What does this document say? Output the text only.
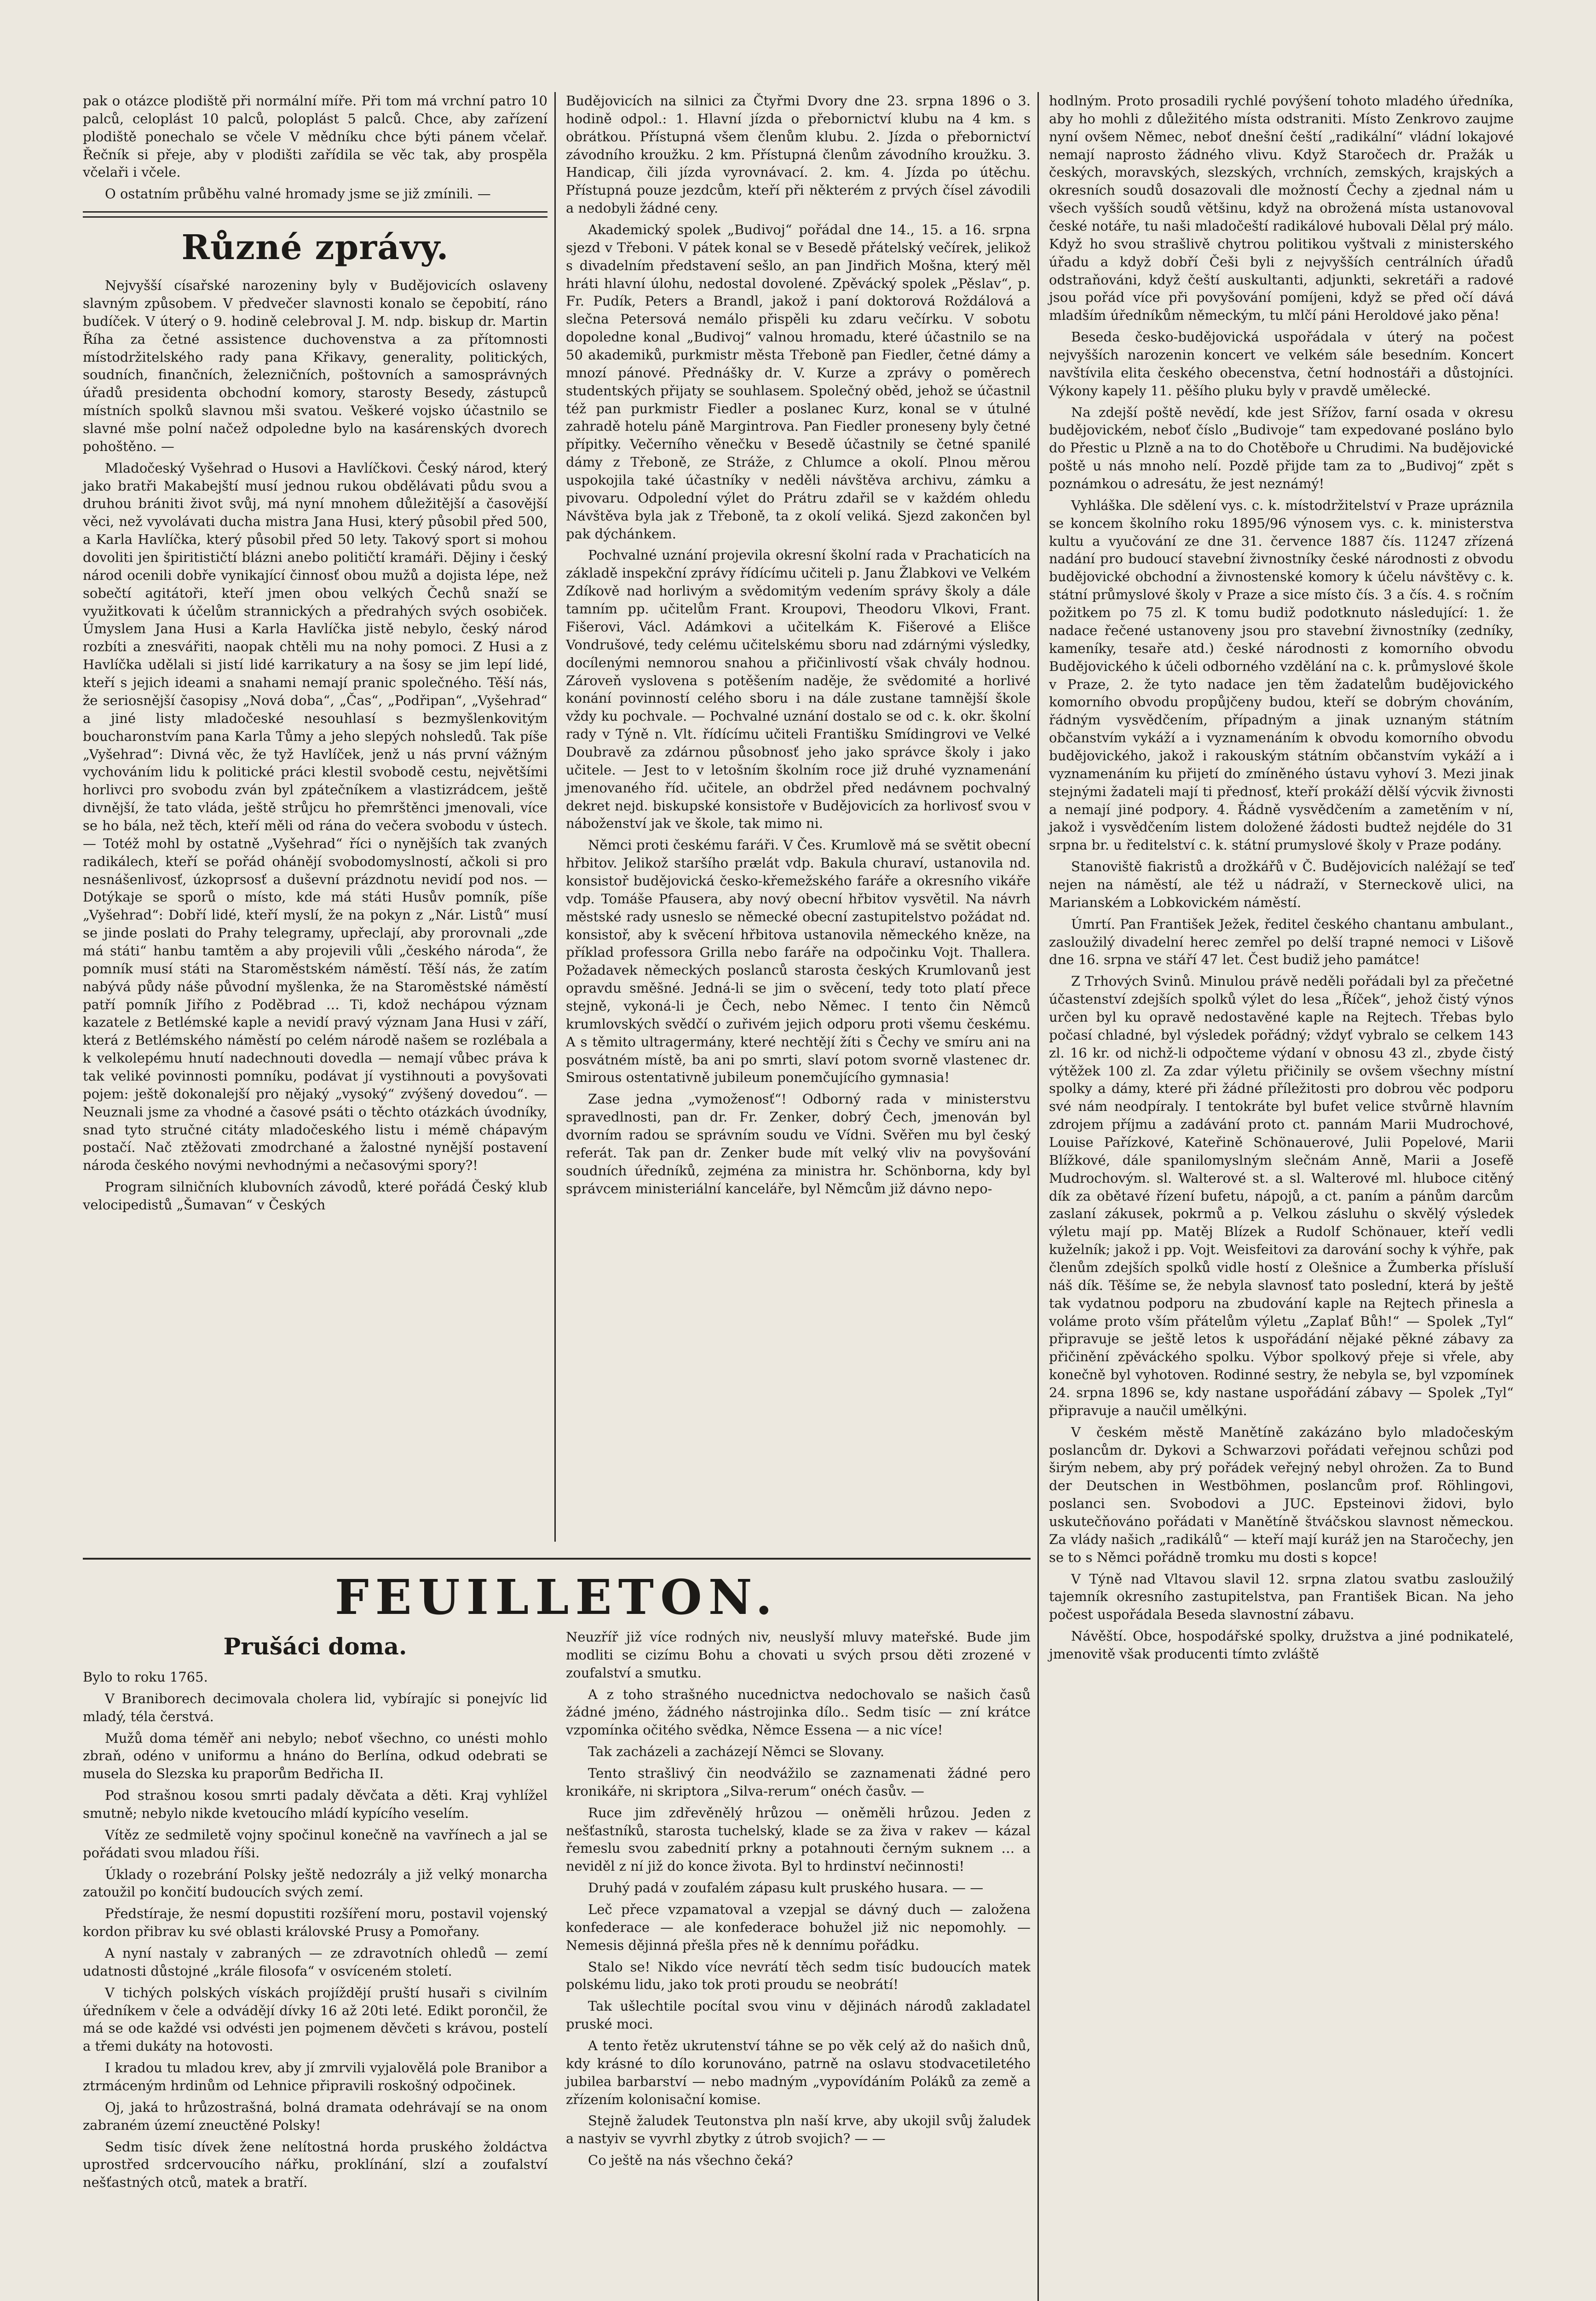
pak o otázce plodiště při normální míře. Při tom má vrchní patro 10 palců, celoplást 10 palců, poloplást 5 palců. Chce, aby zařízení plodiště ponechalo se včele V mědníku chce býti pánem včelař. Řečník si přeje, aby v plodišti zařídila se věc tak, aby prospěla včelaři i včele.

O ostatním průběhu valné hromady jsme se již zmínili. —

Různé zprávy.

Nejvyšší císařské narozeniny byly v Budějovicích oslaveny slavným způsobem. V předvečer slavnosti konalo se čepobití, ráno budíček. V úterý o 9. hodině celebroval J. M. ndp. biskup dr. Martin Říha za četné assistence duchovenstva a za přítomnosti místodržitelského rady pana Křikavy, generality, politických, soudních, finančních, železničních, poštovních a samosprávných úřadů presidenta obchodní komory, starosty Besedy, zástupců místních spolků slavnou mši svatou. Veškeré vojsko účastnilo se slavné mše polní načež odpoledne bylo na kasárenských dvorech pohoštěno. —

Mladočeský Vyšehrad o Husovi a Havlíčkovi. Český národ, který jako bratři Makabejští musí jednou rukou obdělávati půdu svou a druhou brániti život svůj, má nyní mnohem důležitější a časovější věci, než vyvolávati ducha mistra Jana Husi, který působil před 500, a Karla Havlíčka, který působil před 50 lety. Takový sport si mohou dovoliti jen špiritističtí blázni anebo političtí kramáři. Dějiny i český národ ocenili dobře vynikající činnosť obou mužů a dojista lépe, než sobečtí agitátoři, kteří jmen obou velkých Čechů snaží se využitkovati k účelům strannických a předrahých svých osobiček. Úmyslem Jana Husi a Karla Havlíčka jistě nebylo, český národ rozbíti a znesvářiti, naopak chtěli mu na nohy pomoci. Z Husi a z Havlíčka udělali si jistí lidé karrikatury a na šosy se jim lepí lidé, kteří s jejich ideami a snahami nemají pranic společného. Těší nás, že seriosnější časopisy „Nová doba“, „Čas“, „Podřipan“, „Vyšehrad“ a jiné listy mladočeské nesouhlasí s bezmyšlenkovitým boucharonstvím pana Karla Tůmy a jeho slepých nohsledů. Tak píše „Vyšehrad“: Divná věc, že tyž Havlíček, jenž u nás první vážným vychováním lidu k politické práci klestil svobodě cestu, největšími horlivci pro svobodu zván byl zpátečníkem a vlastizrádcem, ještě divnější, že tato vláda, ještě strůjcu ho přemrštěnci jmenovali, více se ho bála, než těch, kteří měli od rána do večera svobodu v ústech. — Totéž mohl by ostatně „Vyšehrad“ říci o nynějších tak zvaných radikálech, kteří se pořád ohánějí svobodomyslností, ačkoli si pro nesnášenlivosť, úzkoprsosť a duševní prázdnotu nevidí pod nos. — Dotýkaje se sporů o místo, kde má státi Husův pomník, píše „Vyšehrad“: Dobří lidé, kteří myslí, že na pokyn z „Nár. Listů“ musí se jinde poslati do Prahy telegramy, upřeclají, aby prorovnali „zde má státi“ hanbu tamtěm a aby projevili vůli „českého národa“, že pomník musí státi na Staroměstském náměstí. Těší nás, že zatím nabývá půdy náše původní myšlenka, že na Staroměstské náměstí patří pomník Jiřího z Poděbrad … Ti, kdož nechápou význam kazatele z Betlémské kaple a nevidí pravý význam Jana Husi v září, která z Betlémského náměstí po celém národě našem se rozlébala a k velkolepému hnutí nadechnouti dovedla — nemají vůbec práva k tak veliké povinnosti pomníku, podávat jí vystihnouti a povyšovati pojem: ještě dokonalejší pro nějaký „vysoký“ zvýšený dovedou“. — Neuznali jsme za vhodné a časové psáti o těchto otázkách úvodníky, snad tyto stručné citáty mladočeského listu i mémě chápavým postačí. Nač ztěžovati zmodrchané a žalostné nynější postavení národa českého novými nevhodnými a nečasovými spory?!

Program silničních klubovních závodů, které pořádá Český klub velocipedistů „Šumavan“ v Českých

Budějovicích na silnici za Čtyřmi Dvory dne 23. srpna 1896 o 3. hodině odpol.: 1. Hlavní jízda o přebornictví klubu na 4 km. s obrátkou. Přístupná všem členům klubu. 2. Jízda o přebornictví závodního kroužku. 2 km. Přístupná členům závodního kroužku. 3. Handicap, čili jízda vyrovnávací. 2. km. 4. Jízda po útěchu. Přístupná pouze jezdcům, kteří při některém z prvých čísel závodili a nedobyli žádné ceny.

Akademický spolek „Budivoj“ pořádal dne 14., 15. a 16. srpna sjezd v Třeboni. V pátek konal se v Besedě přátelský večírek, jelikož s divadelním představení sešlo, an pan Jindřich Mošna, který měl hráti hlavní úlohu, nedostal dovolené. Zpěvácký spolek „Pěslav“, p. Fr. Pudík, Peters a Brandl, jakož i paní doktorová Roždálová a slečna Petersová nemálo přispěli ku zdaru večírku. V sobotu dopoledne konal „Budivoj“ valnou hromadu, které účastnilo se na 50 akademiků, purkmistr města Třeboně pan Fiedler, četné dámy a mnozí pánové. Přednášky dr. V. Kurze a zprávy o poměrech studentských přijaty se souhlasem. Společný oběd, jehož se účastnil též pan purkmistr Fiedler a poslanec Kurz, konal se v útulné zahradě hotelu páně Margintrova. Pan Fiedler proneseny byly četné přípitky. Večerního věnečku v Besedě účastnily se četné spanilé dámy z Třeboně, ze Stráže, z Chlumce a okolí. Plnou měrou uspokojila také účastníky v neděli návštěva archivu, zámku a pivovaru. Odpolední výlet do Prátru zdařil se v každém ohledu Návštěva byla jak z Třeboně, ta z okolí veliká. Sjezd zakončen byl pak dýchánkem.

Pochvalné uznání projevila okresní školní rada v Prachaticích na základě inspekční zprávy řídícímu učiteli p. Janu Žlabkovi ve Velkém Zdíkově nad horlivým a svědomitým vedením správy školy a dále tamním pp. učitelům Frant. Kroupovi, Theodoru Vlkovi, Frant. Fišerovi, Václ. Adámkovi a učitelkám K. Fišerové a Elišce Vondrušové, tedy celému učitelskému sboru nad zdárnými výsledky, docílenými nemnorou snahou a přičinlivostí však chvály hodnou. Zároveň vyslovena s potěšením naděje, že svědomité a horlivé konání povinností celého sboru i na dále zustane tamnější škole vždy ku pochvale. — Pochvalné uznání dostalo se od c. k. okr. školní rady v Týně n. Vlt. řídícímu učiteli Františku Smídingrovi ve Velké Doubravě za zdárnou působnosť jeho jako správce školy i jako učitele. — Jest to v letošním školním roce již druhé vyznamenání jmenovaného říd. učitele, an obdržel před nedávnem pochvalný dekret nejd. biskupské konsistoře v Budějovicích za horlivosť svou v náboženství jak ve škole, tak mimo ni.

Němci proti českému faráři. V Čes. Krumlově má se světit obecní hřbitov. Jelikož staršího prælát vdp. Bakula churaví, ustanovila nd. konsistoř budějovická česko-křemežského faráře a okresního vikáře vdp. Tomáše Pfausera, aby nový obecní hřbitov vysvětil. Na návrh městské rady usneslo se německé obecní zastupitelstvo požádat nd. konsistoř, aby k svěcení hřbitova ustanovila německého kněze, na příklad professora Grilla nebo faráře na odpočinku Vojt. Thallera. Požadavek německých poslanců starosta českých Krumlovanů jest opravdu směšné. Jedná-li se jim o svěcení, tedy toto platí přece stejně, vykoná-li je Čech, nebo Němec. I tento čin Němců krumlovských svědčí o zuřivém jejich odporu proti všemu českému. A s těmito ultragermány, které nechtějí žíti s Čechy ve smíru ani na posvátném místě, ba ani po smrti, slaví potom svorně vlastenec dr. Smirous ostentativně jubileum ponemčujícího gymnasia!

Zase jedna „vymoženosť“! Odborný rada v ministerstvu spravedlnosti, pan dr. Fr. Zenker, dobrý Čech, jmenován byl dvorním radou se správním soudu ve Vídni. Svěřen mu byl český referát. Tak pan dr. Zenker bude mít velký vliv na povyšování soudních úředníků, zejména za ministra hr. Schönborna, kdy byl správcem ministeriální kanceláře, byl Němcům již dávno nepo-

FEUILLETON.
Prušáci doma.

Bylo to roku 1765.

V Braniborech decimovala cholera lid, vybírajíc si ponejvíc lid mladý, téla čerstvá.

Mužů doma téměř ani nebylo; neboť všechno, co unésti mohlo zbraň, odéno v uniformu a hnáno do Berlína, odkud odebrati se musela do Slezska ku praporům Bedřicha II.

Pod strašnou kosou smrti padaly děvčata a děti. Kraj vyhlížel smutně; nebylo nikde kvetoucího mládí kypícího veselím.

Vítěz ze sedmiletě vojny spočinul konečně na vavřínech a jal se pořádati svou mladou říši.

Úklady o rozebrání Polsky ještě nedozrály a již velký monarcha zatoužil po končití budoucích svých zemí.

Předstíraje, že nesmí dopustiti rozšíření moru, postavil vojenský kordon přibrav ku své oblasti královské Prusy a Pomořany.

A nyní nastaly v zabraných — ze zdravotních ohledů — zemí udatnosti důstojné „krále filosofa“ v osvíceném století.

V tichých polských vískách projíždějí pruští husaři s civilním úředníkem v čele a odvádějí dívky 16 až 20ti leté. Edikt porončil, že má se ode každé vsi odvésti jen pojmenem děvčeti s krávou, postelí a třemi dukáty na hotovosti.

I kradou tu mladou krev, aby jí zmrvili vyjalovělá pole Branibor a ztrmáceným hrdinům od Lehnice připravili roskošný odpočinek.

Oj, jaká to hrůzostrašná, bolná dramata odehrávají se na onom zabraném území zneuctěné Polsky!

Sedm tisíc dívek žene nelítostná horda pruského žoldáctva uprostřed srdcervoucího nářku, proklínání, slzí a zoufalství nešťastných otců, matek a bratří.

Neuzříř již více rodných niv, neuslyší mluvy mateřské. Bude jim modliti se cizímu Bohu a chovati u svých prsou děti zrozené v zoufalství a smutku.

A z toho strašného nucednictva nedochovalo se našich časů žádné jméno, žádného nástrojinka dílo.. Sedm tisíc — zní krátce vzpomínka očitého svědka, Němce Essena — a nic více!

Tak zacházeli a zacházejí Němci se Slovany.

Tento strašlivý čin neodvážilo se zaznamenati žádné pero kronikáře, ni skriptora „Silva-rerum“ onéch časův. —

Ruce jim zdřevěnělý hrůzou — oněměli hrůzou. Jeden z nešťastníků, starosta tuchelský, klade se za živa v rakev — kázal řemeslu svou zabednití prkny a potahnouti černým suknem … a neviděl z ní již do konce života. Byl to hrdinství nečinnosti!

Druhý padá v zoufalém zápasu kult pruského husara. — —

Leč přece vzpamatoval a vzepjal se dávný duch — založena konfederace — ale konfederace bohužel již nic nepomohly. — Nemesis dějinná přešla přes ně k dennímu pořádku.

Stalo se! Nikdo více nevrátí těch sedm tisíc budoucích matek polskému lidu, jako tok proti proudu se neobrátí!

Tak ušlechtile pocítal svou vinu v dějinách národů zakladatel pruské moci.

A tento řetěz ukrutenství táhne se po věk celý až do našich dnů, kdy krásné to dílo korunováno, patrně na oslavu stodvacetiletého jubilea barbarství — nebo madným „vypovídáním Poláků za země a zřízením kolonisační komise.

Stejně žaludek Teutonstva pln naší krve, aby ukojil svůj žaludek a nastyiv se vyvrhl zbytky z útrob svojich? — —

Co ještě na nás všechno čeká?

hodlným. Proto prosadili rychlé povýšení tohoto mladého úředníka, aby ho mohli z důležitého místa odstraniti. Místo Zenkrovo zaujme nyní ovšem Němec, neboť dnešní čeští „radikální“ vládní lokajové nemají naprosto žádného vlivu. Když Staročech dr. Pražák u českých, moravských, slezských, vrchních, zemských, krajských a okresních soudů dosazovali dle možností Čechy a zjednal nám u všech vyšších soudů většinu, když na obrožená místa ustanovoval české notáře, tu naši mladočeští radikálové hubovali Dělal prý málo. Když ho svou strašlivě chytrou politikou vyštvali z ministerského úřadu a když dobří Češi byli z nejvyšších centrálních úřadů odstraňováni, když čeští auskultanti, adjunkti, sekretáři a radové jsou pořád více při povyšování pomíjeni, když se před očí dává mladším úředníkům německým, tu mlčí páni Heroldové jako pěna!

Beseda česko-budějovická uspořádala v úterý na počest nejvyšších narozenin koncert ve velkém sále besedním. Koncert navštívila elita českého obecenstva, četní hodnostáři a důstojníci. Výkony kapely 11. pěšího pluku byly v pravdě umělecké.

Na zdejší poště nevědí, kde jest Sřížov, farní osada v okresu budějovickém, neboť číslo „Budivoje“ tam expedované posláno bylo do Přestic u Plzně a na to do Chotěboře u Chrudimi. Na budějovické poště u nás mnoho nelí. Pozdě přijde tam za to „Budivoj“ zpět s poznámkou o adresátu, že jest neznámý!

Vyhláška. Dle sdělení vys. c. k. místodržitelství v Praze upráznila se koncem školního roku 1895/96 výnosem vys. c. k. ministerstva kultu a vyučování ze dne 31. července 1887 čís. 11247 zřízená nadání pro budoucí stavební živnostníky české národnosti z obvodu budějovické obchodní a živnostenské komory k účelu návštěvy c. k. státní průmyslové školy v Praze a sice místo čís. 3 a čís. 4. s ročním požitkem po 75 zl. K tomu budiž podotknuto následující: 1. že nadace řečené ustanoveny jsou pro stavební živnostníky (zedníky, kameníky, tesaře atd.) české národnosti z komorního obvodu Budějovického k účeli odborného vzdělání na c. k. průmyslové škole v Praze, 2. že tyto nadace jen těm žadatelům budějovického komorního obvodu propůjčeny budou, kteří se dobrým chováním, řádným vysvědčením, případným a jinak uznaným státním občanstvím vykáží a i vyznamenáním k obvodu komorního obvodu budějovického, jakož i rakouským státním občanstvím vykáží a i vyznamenáním ku přijetí do zmíněného ústavu vyhoví 3. Mezi jinak stejnými žadateli mají ti přednosť, kteří prokáží dělší výcvik živnosti a nemají jiné podpory. 4. Řádně vysvědčením a zametěním v ní, jakož i vysvědčením listem doložené žádosti budtež nejdéle do 31 srpna br. u ředitelství c. k. státní prumyslové školy v Praze podány.

Stanoviště fiakristů a drožkářů v Č. Budějovicích naléžají se teď nejen na náměstí, ale též u nádraží, v Sterneckově ulici, na Marianském a Lobkovickém náměstí.

Úmrtí. Pan František Ježek, ředitel českého chantanu ambulant., zasloužilý divadelní herec zemřel po delší trapné nemoci v Lišově dne 16. srpna ve stáří 47 let. Čest budiž jeho památce!

Z Trhových Svinů. Minulou právě neděli pořádali byl za přečetné účastenství zdejších spolků výlet do lesa „Říček“, jehož čistý výnos určen byl ku opravě nedostavěné kaple na Rejtech. Třebas bylo počasí chladné, byl výsledek pořádný; vždyť vybralo se celkem 143 zl. 16 kr. od nichž-li odpočteme výdaní v obnosu 43 zl., zbyde čistý výtěžek 100 zl. Za zdar výletu přičinily se ovšem všechny místní spolky a dámy, které při žádné příležitosti pro dobrou věc podporu své nám neodpíraly. I tentokráte byl bufet velice stvůrně hlavním zdrojem příjmu a zadávání proto ct. pannám Marii Mudrochové, Louise Pařízkové, Kateřině Schönauerové, Julii Popelové, Marii Blížkové, dále spanilomyslným slečnám Anně, Marii a Josefě Mudrochovým. sl. Walterové st. a sl. Walterové ml. hluboce citěný dík za obětavé řízení bufetu, nápojů, a ct. paním a pánům darcům zaslaní zákusek, pokrmů a p. Velkou zásluhu o skvělý výsledek výletu mají pp. Matěj Blízek a Rudolf Schönauer, kteří vedli kuželník; jakož i pp. Vojt. Weisfeitovi za darování sochy k výhře, pak členům zdejších spolků vidle hostí z Olešnice a Žumberka přísluší náš dík. Těšíme se, že nebyla slavnosť tato poslední, která by ještě tak vydatnou podporu na zbudování kaple na Rejtech přinesla a voláme proto vším přátelům výletu „Zaplať Bůh!“ — Spolek „Tyl“ připravuje se ještě letos k uspořádání nějaké pěkné zábavy za přičinění zpěváckého spolku. Výbor spolkový přeje si vřele, aby konečně byl vyhotoven. Rodinné sestry, že nebyla se, byl vzpomínek 24. srpna 1896 se, kdy nastane uspořádání zábavy — Spolek „Tyl“ připravuje a naučil umělkýni.

V českém městě Manětíně zakázáno bylo mladočeským poslancům dr. Dykovi a Schwarzovi pořádati veřejnou schůzi pod širým nebem, aby prý pořádek veřejný nebyl ohrožen. Za to Bund der Deutschen in Westböhmen, poslancům prof. Röhlingovi, poslanci sen. Svobodovi a JUC. Epsteinovi židovi, bylo uskutečňováno pořádati v Manětíně štváčskou slavnost německou. Za vlády našich „radikálů“ — kteří mají kuráž jen na Staročechy, jen se to s Němci pořádně tromku mu dosti s kopce!

V Týně nad Vltavou slavil 12. srpna zlatou svatbu zasloužilý tajemník okresního zastupitelstva, pan František Bican. Na jeho počest uspořádala Beseda slavnostní zábavu.

Návěští. Obce, hospodářské spolky, družstva a jiné podnikatelé, jmenovitě však producenti tímto zvláště
